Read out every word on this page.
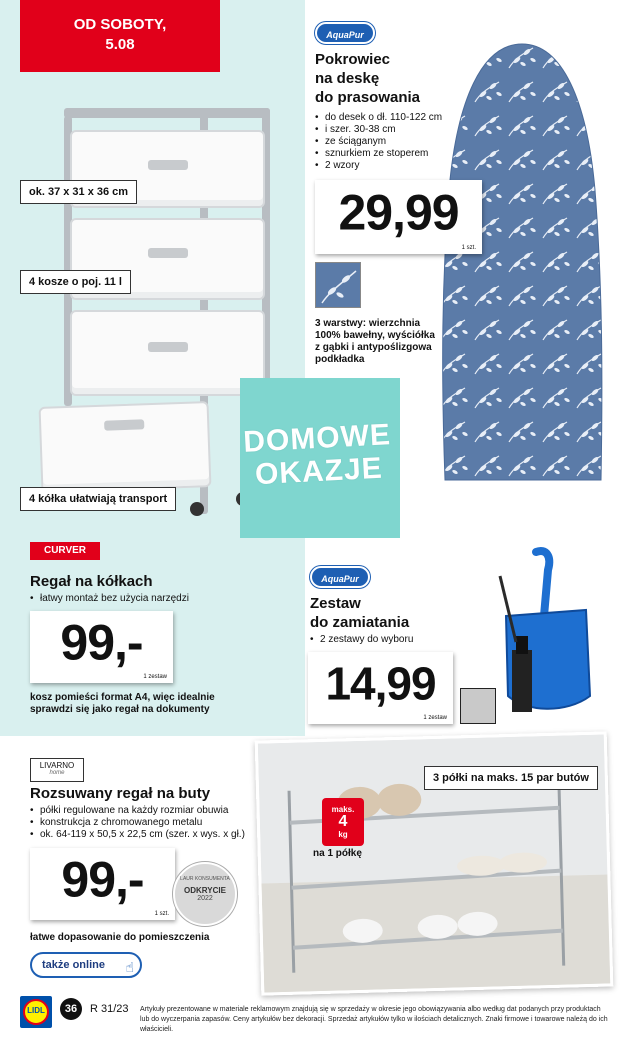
OD SOBOTY,
5.08
ok. 37 x 31 x 36 cm
4 kosze o poj. 11 l
4 kółka ułatwiają transport
AquaPur
Pokrowiec
na deskę
do prasowania
• do desek o dł. 110-122 cm
• i szer. 30-38 cm
• ze ściąganym
• sznurkiem ze stoperem
• 2 wzory
29,99
1 szt.
3 warstwy: wierzchnia
100% bawełny, wyściółka
z gąbki i antypoślizgowa
podkładka
DOMOWE
OKAZJE
CURVER
Regał na kółkach
• łatwy montaż bez użycia narzędzi
99,-
1 zestaw
kosz pomieści format A4, więc idealnie
sprawdzi się jako regał na dokumenty
AquaPur
Zestaw
do zamiatania
• 2 zestawy do wyboru
14,99
1 zestaw
LIVARNO
home
Rozsuwany regał na buty
• półki regulowane na każdy rozmiar obuwia
• konstrukcja z chromowanego metalu
• ok. 64-119 x 50,5 x 22,5 cm (szer. x wys. x gł.)
3 półki na maks. 15 par butów
maks.
4
kg
na 1 półkę
99,-
1 szt.
LAUR KONSUMENTA
ODKRYCIE
2022
łatwe dopasowanie do pomieszczenia
także online ☝
LIDL	36	R 31/23 Artykuły prezentowane w materiale reklamowym znajdują się w sprzedaży w okresie jego obowiązywania albo według dat podanych przy produktach lub do wyczerpania zapasów. Ceny artykułów bez dekoracji. Sprzedaż artykułów tylko w ilościach detalicznych. Znaki firmowe i towarowe należą do ich właścicieli.
